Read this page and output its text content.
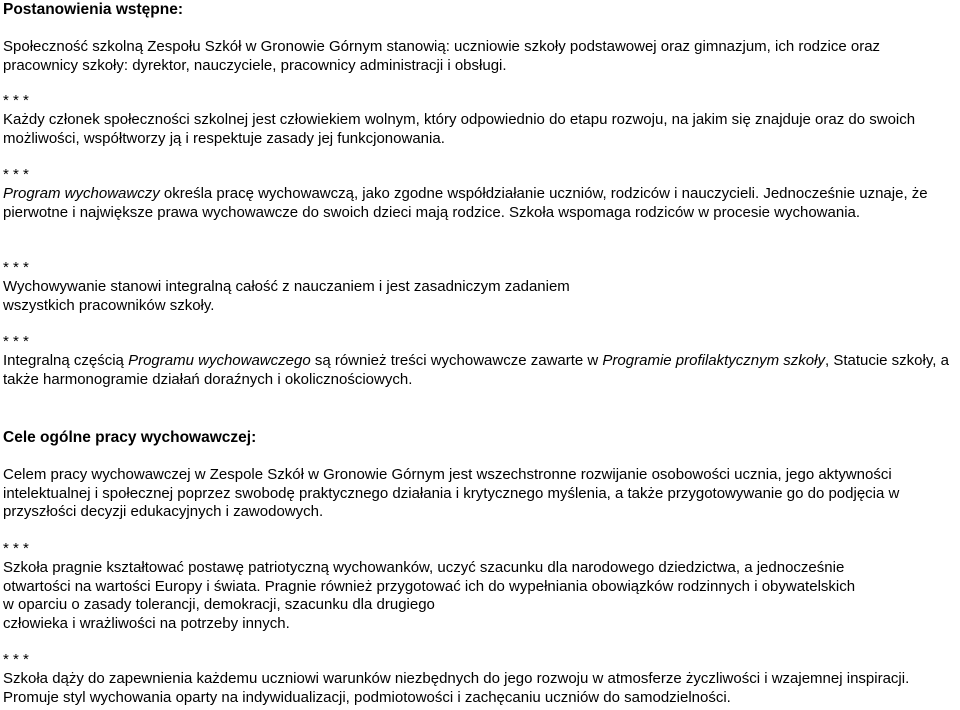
Postanowienia wstępne:

Społeczność szkolną Zespołu Szkół w Gronowie Górnym stanowią: uczniowie szkoły podstawowej oraz gimnazjum, ich rodzice oraz pracownicy szkoły: dyrektor, nauczyciele, pracownicy administracji i obsługi.

* * *

Każdy członek społeczności szkolnej jest człowiekiem wolnym, który odpowiednio do etapu rozwoju, na jakim się znajduje oraz do swoich możliwości, współtworzy ją i respektuje zasady jej funkcjonowania.

* * *

Program wychowawczy określa pracę wychowawczą, jako zgodne współdziałanie uczniów, rodziców i nauczycieli. Jednocześnie uznaje, że pierwotne i największe prawa wychowawcze do swoich dzieci mają rodzice. Szkoła wspomaga rodziców w procesie wychowania.

* * *

Wychowywanie stanowi integralną całość z nauczaniem i jest zasadniczym zadaniem
wszystkich pracowników szkoły.

* * *

Integralną częścią Programu wychowawczego są również treści wychowawcze zawarte w Programie profilaktycznym szkoły, Statucie szkoły, a także harmonogramie działań doraźnych i okolicznościowych.

Cele ogólne pracy wychowawczej:

Celem pracy wychowawczej w Zespole Szkół w Gronowie Górnym jest wszechstronne rozwijanie osobowości ucznia, jego aktywności intelektualnej i społecznej poprzez swobodę praktycznego działania i krytycznego myślenia, a także przygotowywanie go do podjęcia w przyszłości decyzji edukacyjnych i zawodowych.

* * *

Szkoła pragnie kształtować postawę patriotyczną wychowanków, uczyć szacunku dla narodowego dziedzictwa, a jednocześnie
otwartości na wartości Europy i świata. Pragnie również przygotować ich do wypełniania obowiązków rodzinnych i obywatelskich
w oparciu o zasady tolerancji, demokracji, szacunku dla drugiego
człowieka i wrażliwości na potrzeby innych.

* * *

Szkoła dąży do zapewnienia każdemu uczniowi warunków niezbędnych do jego rozwoju w atmosferze życzliwości i wzajemnej inspiracji. Promuje styl wychowania oparty na indywidualizacji, podmiotowości i zachęcaniu uczniów do samodzielności.
